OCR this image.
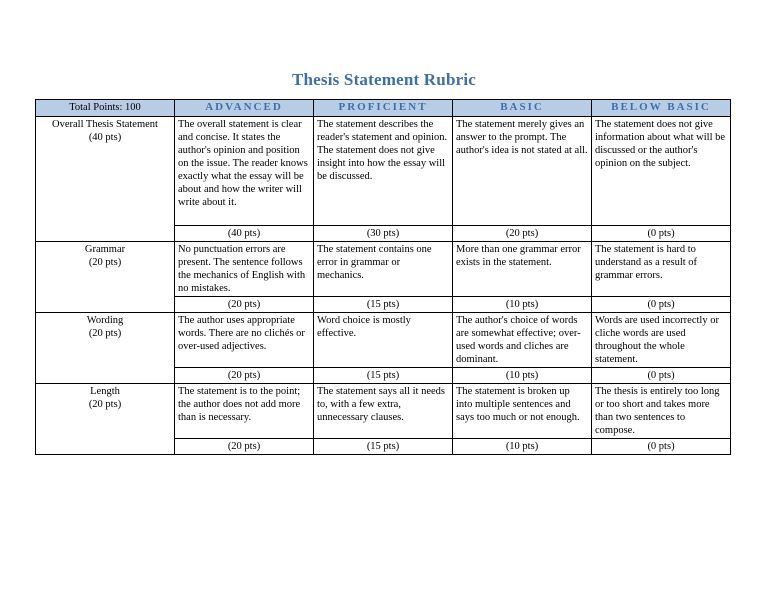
Thesis Statement Rubric
Total Points: 100	ADVANCED	PROFICIENT	BASIC	BELOW BASIC

Overall Thesis Statement
(40 pts)	The overall statement is clear and concise. It states the author's opinion and position on the issue. The reader knows exactly what the essay will be about and how the writer will write about it.	The statement describes the reader's statement and opinion. The statement does not give insight into how the essay will be discussed.	The statement merely gives an answer to the prompt. The author's idea is not stated at all.	The statement does not give information about what will be discussed or the author's opinion on the subject.
	(40 pts)	(30 pts)	(20 pts)	(0 pts)

Grammar
(20 pts)	No punctuation errors are present. The sentence follows the mechanics of English with no mistakes.	The statement contains one error in grammar or mechanics.	More than one grammar error exists in the statement.	The statement is hard to understand as a result of grammar errors.
	(20 pts)	(15 pts)	(10 pts)	(0 pts)

Wording
(20 pts)	The author uses appropriate words. There are no clichés or over-used adjectives.	Word choice is mostly effective.	The author's choice of words are somewhat effective; over-used words and cliches are dominant.	Words are used incorrectly or cliche words are used throughout the whole statement.
	(20 pts)	(15 pts)	(10 pts)	(0 pts)

Length
(20 pts)	The statement is to the point; the author does not add more than is necessary.	The statement says all it needs to, with a few extra, unnecessary clauses.	The statement is broken up into multiple sentences and says too much or not enough.	The thesis is entirely too long or too short and takes more than two sentences to compose.
	(20 pts)	(15 pts)	(10 pts)	(0 pts)
